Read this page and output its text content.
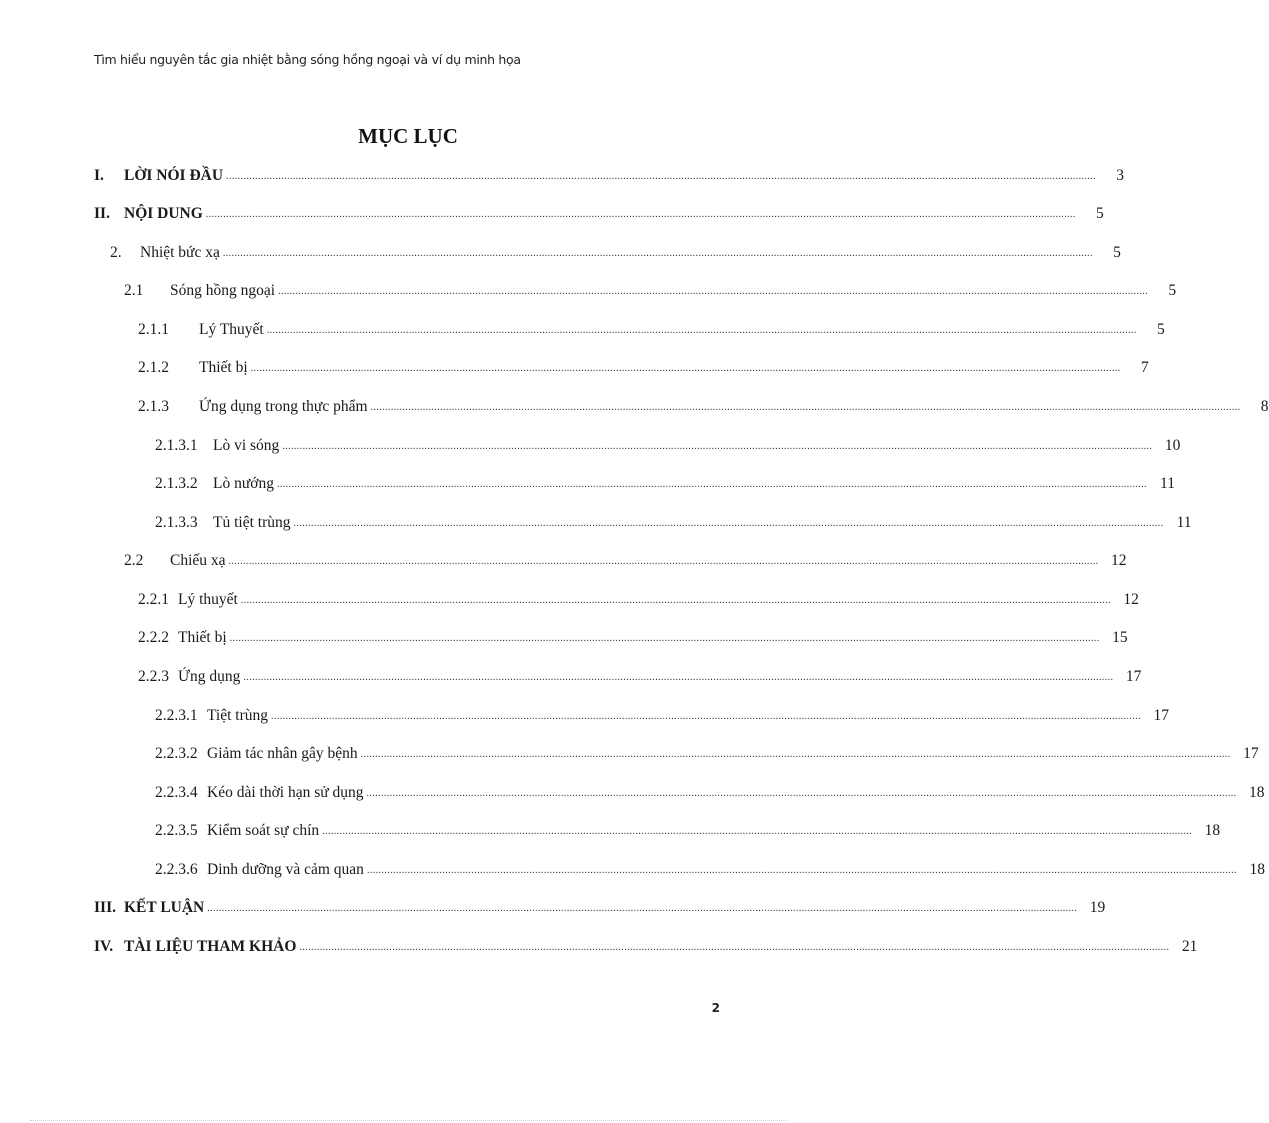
Tìm hiểu nguyên tắc gia nhiệt bằng sóng hồng ngoại và ví dụ minh họa
MỤC LỤC
I.	LỜI NÓI ĐẦU ............................................................................................................................................................................................................................................................................................................	3
II. NỘI DUNG ............................................................................................................................................................................................................................................................................................................	5
2.	Nhiệt bức xạ ............................................................................................................................................................................................................................................................................................................	5
2.1	Sóng hồng ngoại ............................................................................................................................................................................................................................................................................................................	5
2.1.1	Lý Thuyết ............................................................................................................................................................................................................................................................................................................	5
2.1.2	Thiết bị ............................................................................................................................................................................................................................................................................................................	7
2.1.3	Ứng dụng trong thực phẩm ............................................................................................................................................................................................................................................................................................................	8
2.1.3.1 Lò vi sóng ............................................................................................................................................................................................................................................................................................................ 10
2.1.3.2 Lò nướng ............................................................................................................................................................................................................................................................................................................ 11
2.1.3.3 Tủ tiệt trùng ............................................................................................................................................................................................................................................................................................................ 11
2.2	Chiếu xạ ............................................................................................................................................................................................................................................................................................................ 12
2.2.1 Lý thuyết ............................................................................................................................................................................................................................................................................................................ 12
2.2.2 Thiết bị ............................................................................................................................................................................................................................................................................................................ 15
2.2.3 Ứng dụng ............................................................................................................................................................................................................................................................................................................ 17
2.2.3.1 Tiệt trùng ............................................................................................................................................................................................................................................................................................................ 17
2.2.3.2 Giảm tác nhân gây bệnh ............................................................................................................................................................................................................................................................................................................ 17
2.2.3.4 Kéo dài thời hạn sử dụng ............................................................................................................................................................................................................................................................................................................ 18
2.2.3.5 Kiểm soát sự chín ............................................................................................................................................................................................................................................................................................................ 18
2.2.3.6 Dinh dưỡng và cảm quan ............................................................................................................................................................................................................................................................................................................ 18
III. KẾT LUẬN ............................................................................................................................................................................................................................................................................................................ 19
IV. TÀI LIỆU THAM KHẢO ............................................................................................................................................................................................................................................................................................................ 21
2
